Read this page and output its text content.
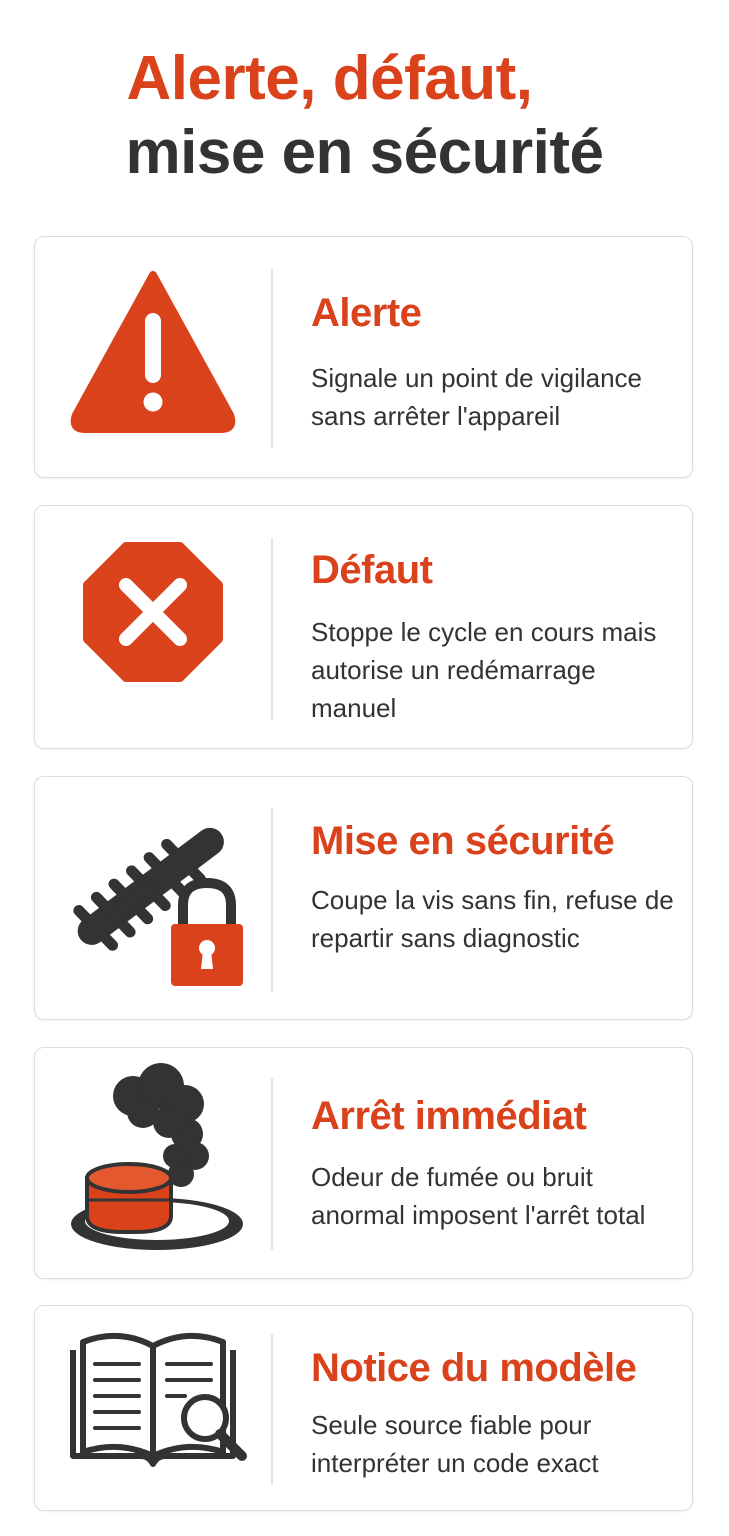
Alerte, défaut,
mise en sécurité
Alerte
Signale un point de vigilance sans arrêter l'appareil
Défaut
Stoppe le cycle en cours mais autorise un redémarrage manuel
Mise en sécurité
Coupe la vis sans fin, refuse de repartir sans diagnostic
Arrêt immédiat
Odeur de fumée ou bruit anormal imposent l'arrêt total
Notice du modèle
Seule source fiable pour interpréter un code exact
